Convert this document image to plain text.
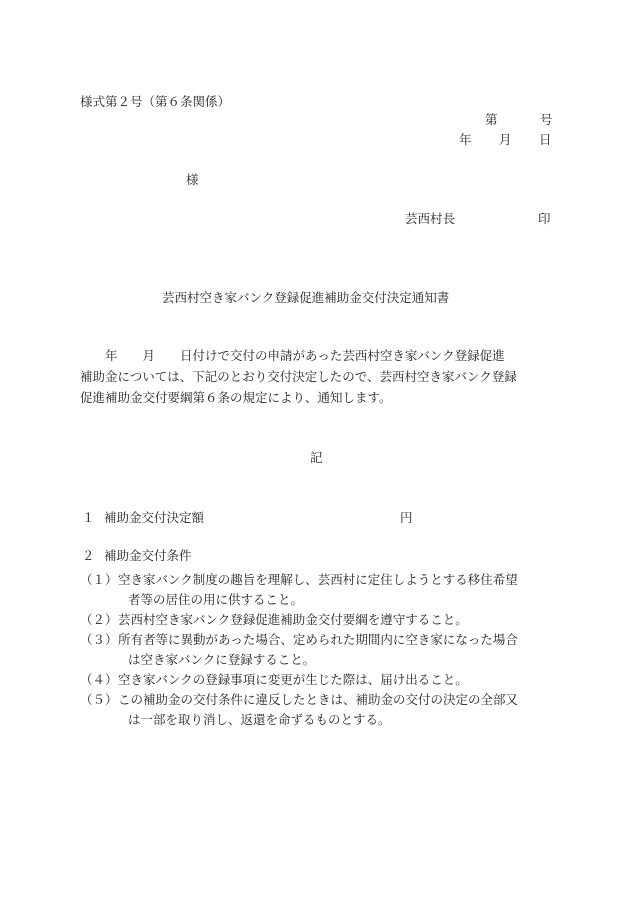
様式第２号（第６条関係）
第	号
年 月 日
様
芸西村長	印
芸西村空き家バンク登録促進補助金交付決定通知書
　　年　　月　　日付けで交付の申請があった芸西村空き家バンク登録促進
補助金については、下記のとおり交付決定したので、芸西村空き家バンク登録
促進補助金交付要綱第６条の規定により、通知します。
記
１ 補助金交付決定額	円
２ 補助金交付条件
（１） 空き家バンク制度の趣旨を理解し、芸西村に定住しようとする移住希望
者等の居住の用に供すること。
（２） 芸西村空き家バンク登録促進補助金交付要綱を遵守すること。
（３） 所有者等に異動があった場合、定められた期間内に空き家になった場合
は空き家バンクに登録すること。
（４） 空き家バンクの登録事項に変更が生じた際は、届け出ること。
（５） この補助金の交付条件に違反したときは、補助金の交付の決定の全部又
は一部を取り消し、返還を命ずるものとする。
